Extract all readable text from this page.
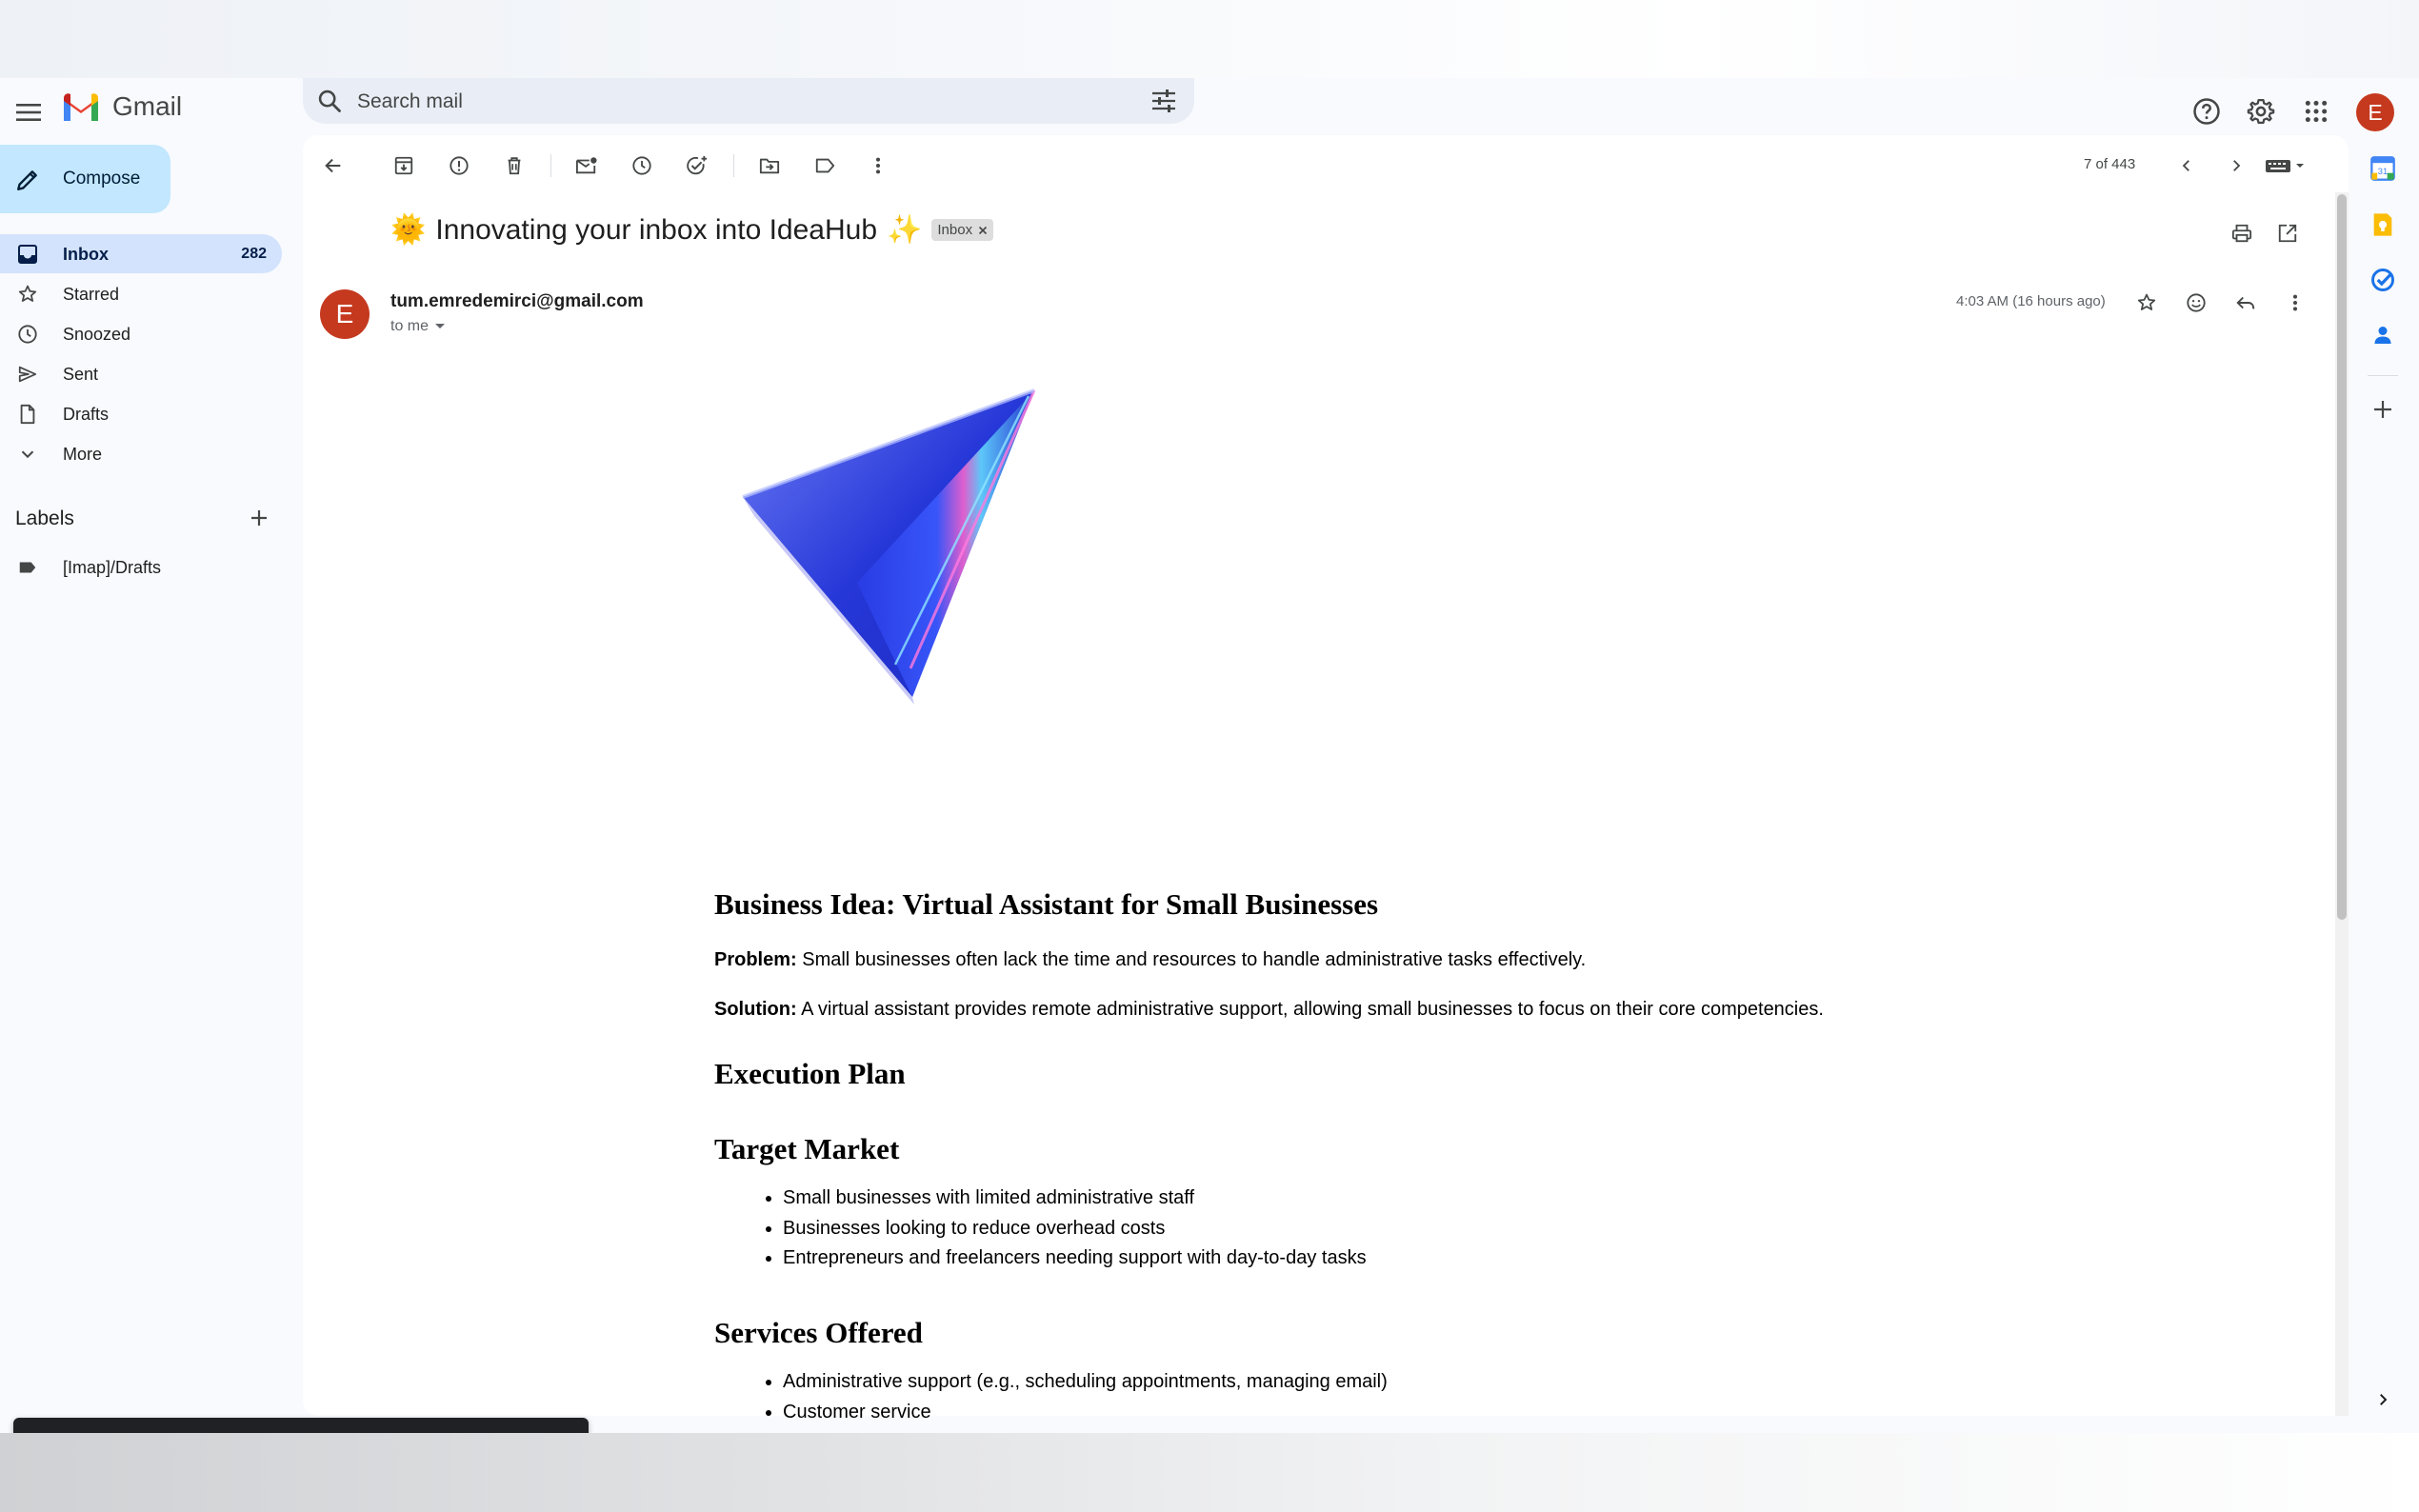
Gmail
Search mail	E
Compose
Inbox	282
Starred
Snoozed
Sent
Drafts
More
Labels
[Imap]/Drafts
31
7 of 443
🌞 Innovating your inbox into IdeaHub ✨ Inbox
E	tum.emredemirci@gmail.com
to me
4:03 AM (16 hours ago)
Business Idea: Virtual Assistant for Small Businesses

Problem: Small businesses often lack the time and resources to handle administrative tasks effectively.

Solution: A virtual assistant provides remote administrative support, allowing small businesses to focus on their core competencies.

Execution Plan
Target Market
• Small businesses with limited administrative staff
• Businesses looking to reduce overhead costs
• Entrepreneurs and freelancers needing support with day-to-day tasks
Services Offered
• Administrative support (e.g., scheduling appointments, managing email)
• Customer service
•
•
